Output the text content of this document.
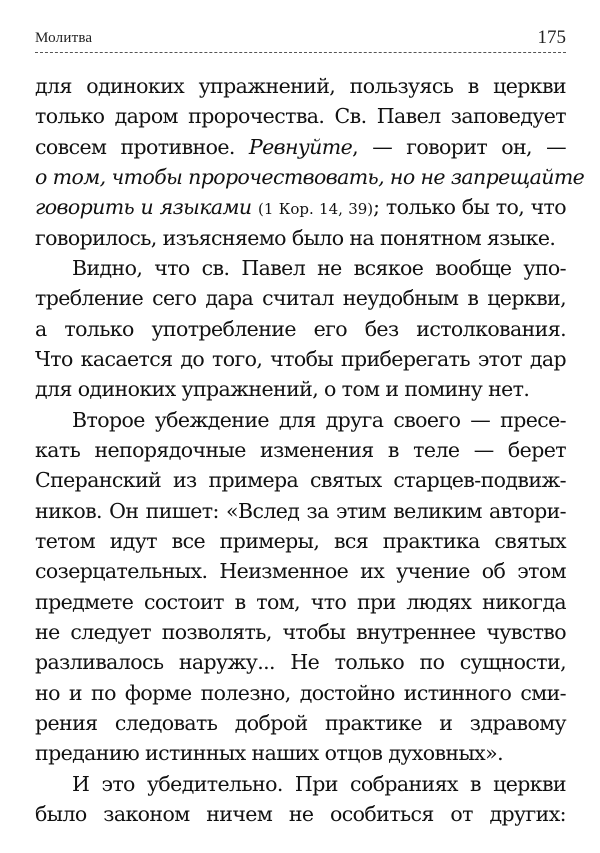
Молитва	175
для одиноких упражнений, пользуясь в церкви
только даром пророчества. Св. Павел заповедует
совсем противное. Ревнуйте, — говорит он, —
о том, чтобы пророчествовать, но не запрещайте
говорить и языками (1 Кор. 14, 39); только бы то, что
говорилось, изъясняемо было на понятном языке.
Видно, что св. Павел не всякое вообще упо-
требление сего дара считал неудобным в церкви,
а только употребление его без истолкования.
Что касается до того, чтобы приберегать этот дар
для одиноких упражнений, о том и помину нет.
Второе убеждение для друга своего — пресе-
кать непорядочные изменения в теле — берет
Сперанский из примера святых старцев-подвиж-
ников. Он пишет: «Вслед за этим великим автори-
тетом идут все примеры, вся практика святых
созерцательных. Неизменное их учение об этом
предмете состоит в том, что при людях никогда
не следует позволять, чтобы внутреннее чувство
разливалось наружу... Не только по сущности,
но и по форме полезно, достойно истинного сми-
рения следовать доброй практике и здравому
преданию истинных наших отцов духовных».
И это убедительно. При собраниях в церкви
было законом ничем не особиться от других:
